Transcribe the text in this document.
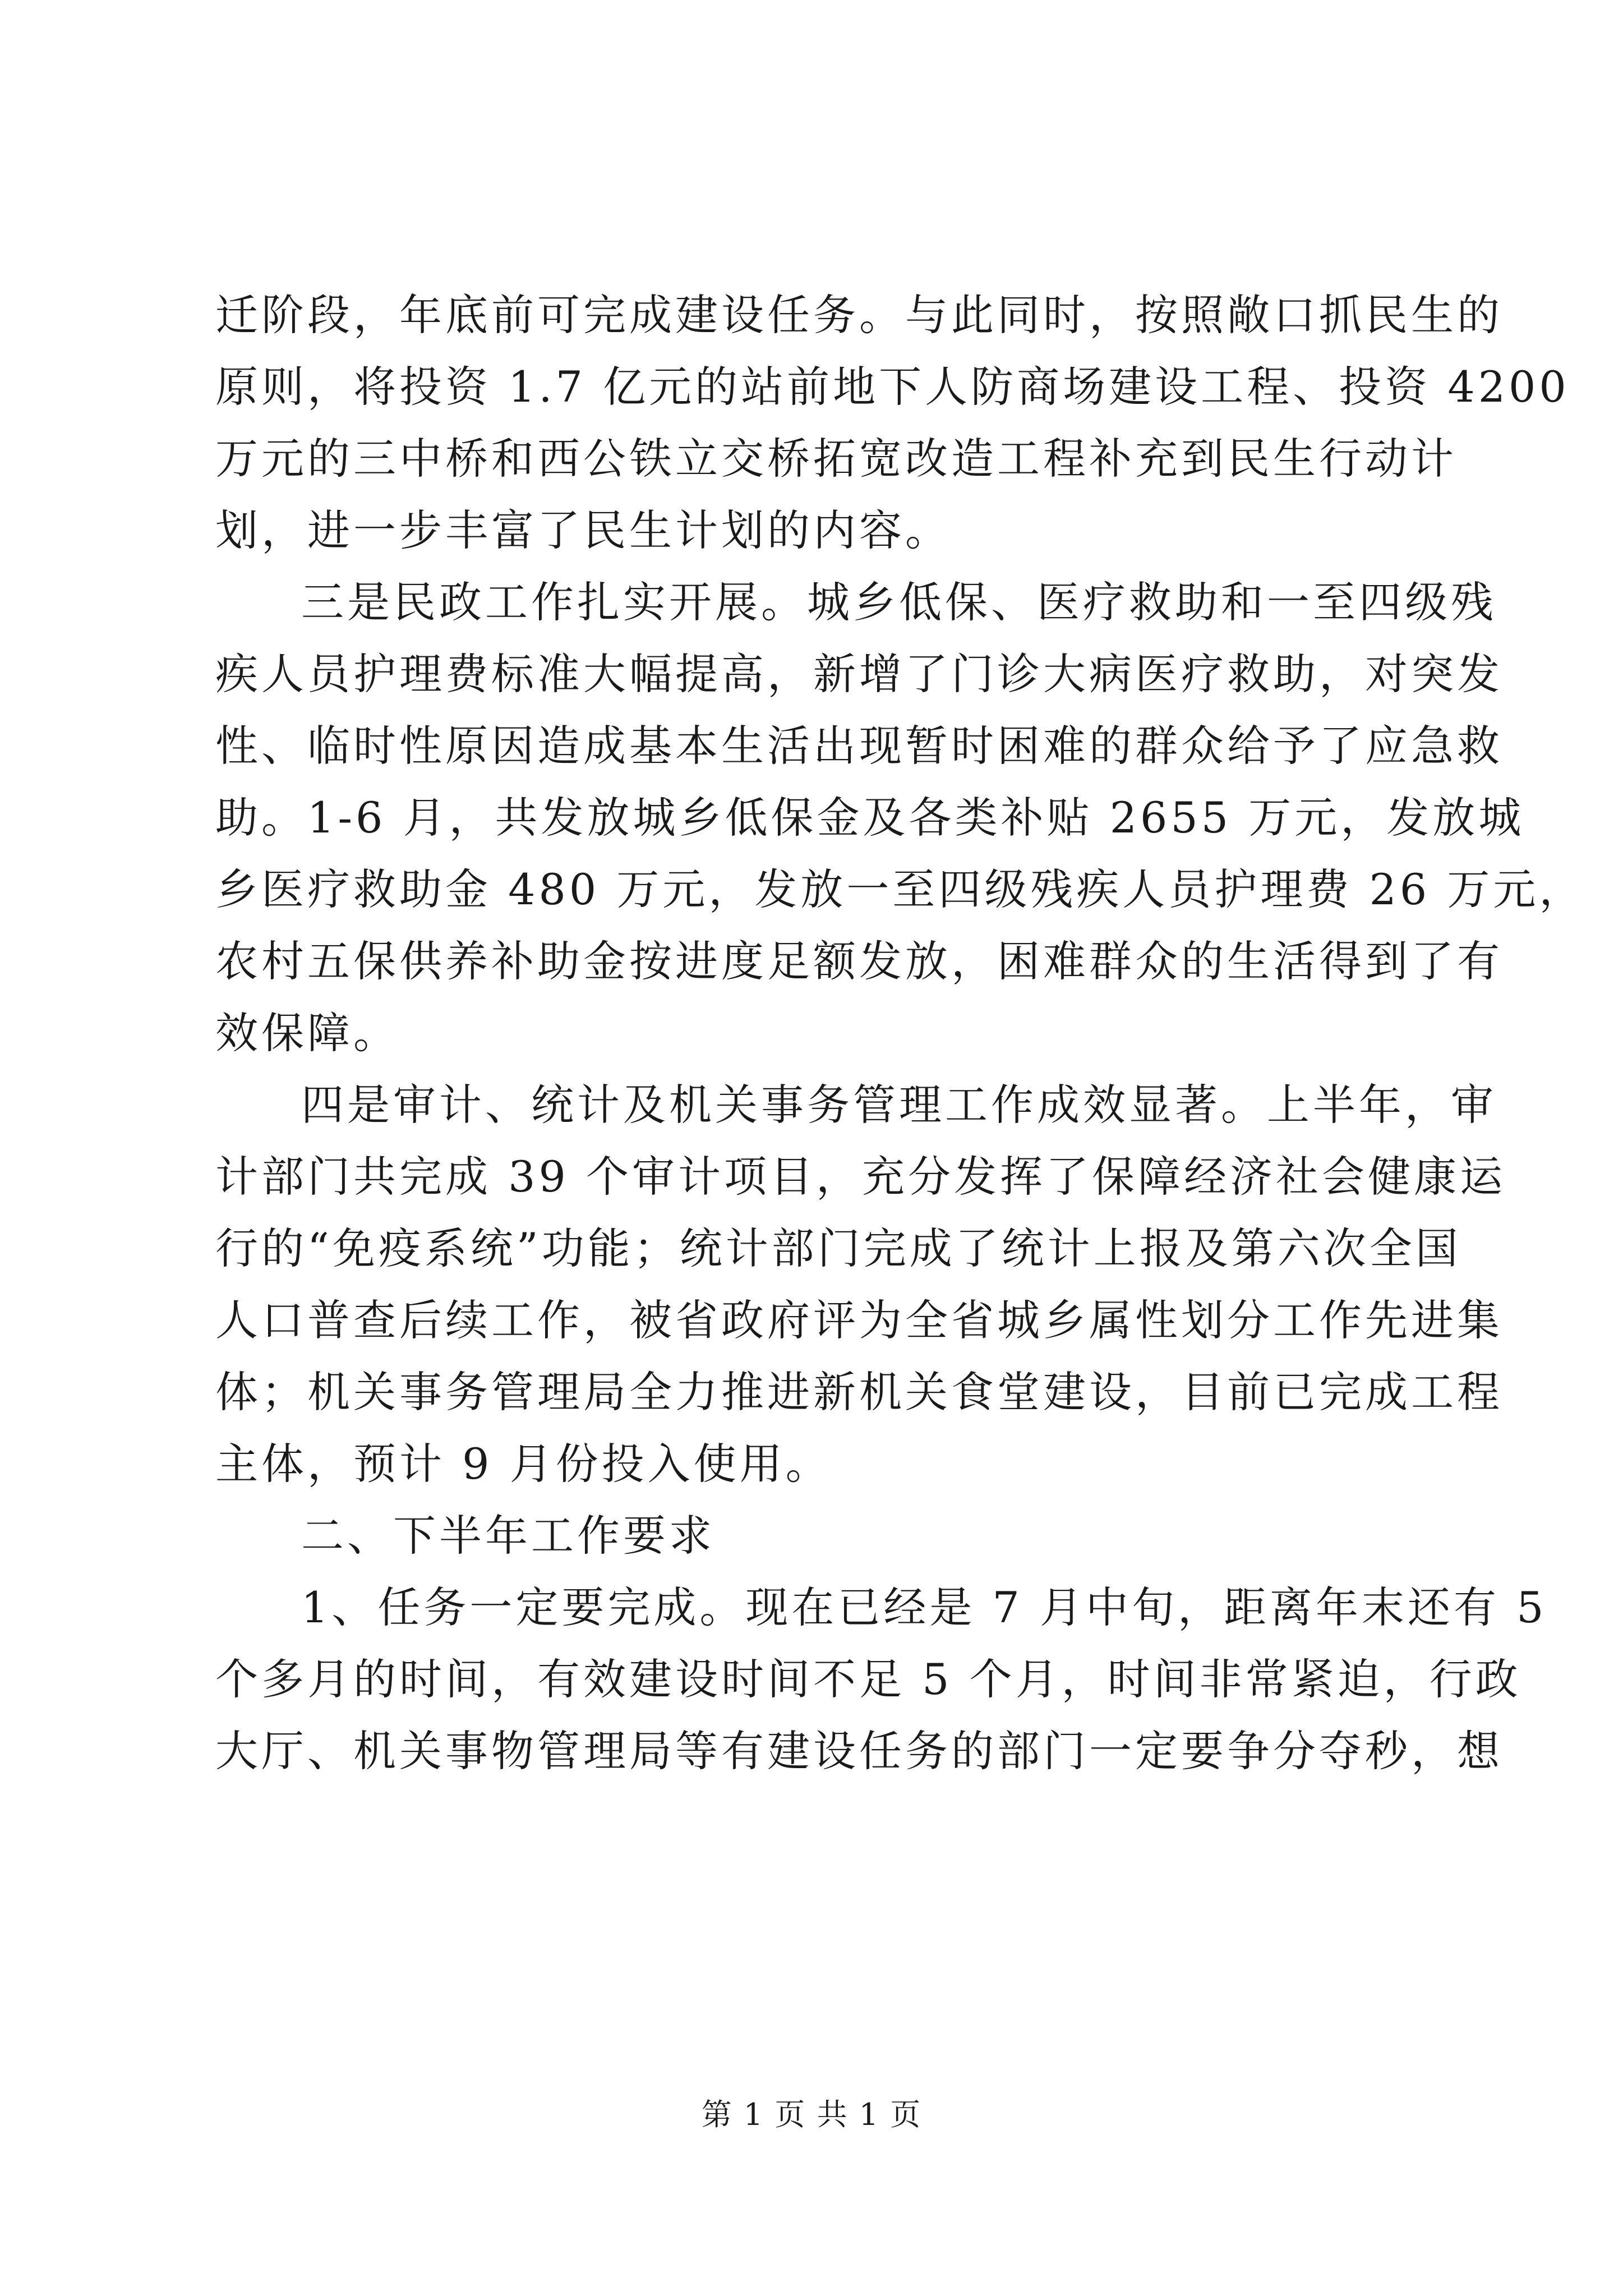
迁阶段，年底前可完成建设任务。与此同时，按照敞口抓民生的
原则，将投资 1.7 亿元的站前地下人防商场建设工程、投资 4200
万元的三中桥和西公铁立交桥拓宽改造工程补充到民生行动计
划，进一步丰富了民生计划的内容。
三是民政工作扎实开展。城乡低保、医疗救助和一至四级残
疾人员护理费标准大幅提高，新增了门诊大病医疗救助，对突发
性、临时性原因造成基本生活出现暂时困难的群众给予了应急救
助。1-6 月，共发放城乡低保金及各类补贴 2655 万元，发放城
乡医疗救助金 480 万元，发放一至四级残疾人员护理费 26 万元，
农村五保供养补助金按进度足额发放，困难群众的生活得到了有
效保障。
四是审计、统计及机关事务管理工作成效显著。上半年，审
计部门共完成 39 个审计项目，充分发挥了保障经济社会健康运
行的“免疫系统”功能；统计部门完成了统计上报及第六次全国
人口普查后续工作，被省政府评为全省城乡属性划分工作先进集
体；机关事务管理局全力推进新机关食堂建设，目前已完成工程
主体，预计 9 月份投入使用。
二、下半年工作要求
1、任务一定要完成。现在已经是 7 月中旬，距离年末还有 5
个多月的时间，有效建设时间不足 5 个月，时间非常紧迫，行政
大厅、机关事物管理局等有建设任务的部门一定要争分夺秒，想
第 1 页 共 1 页
